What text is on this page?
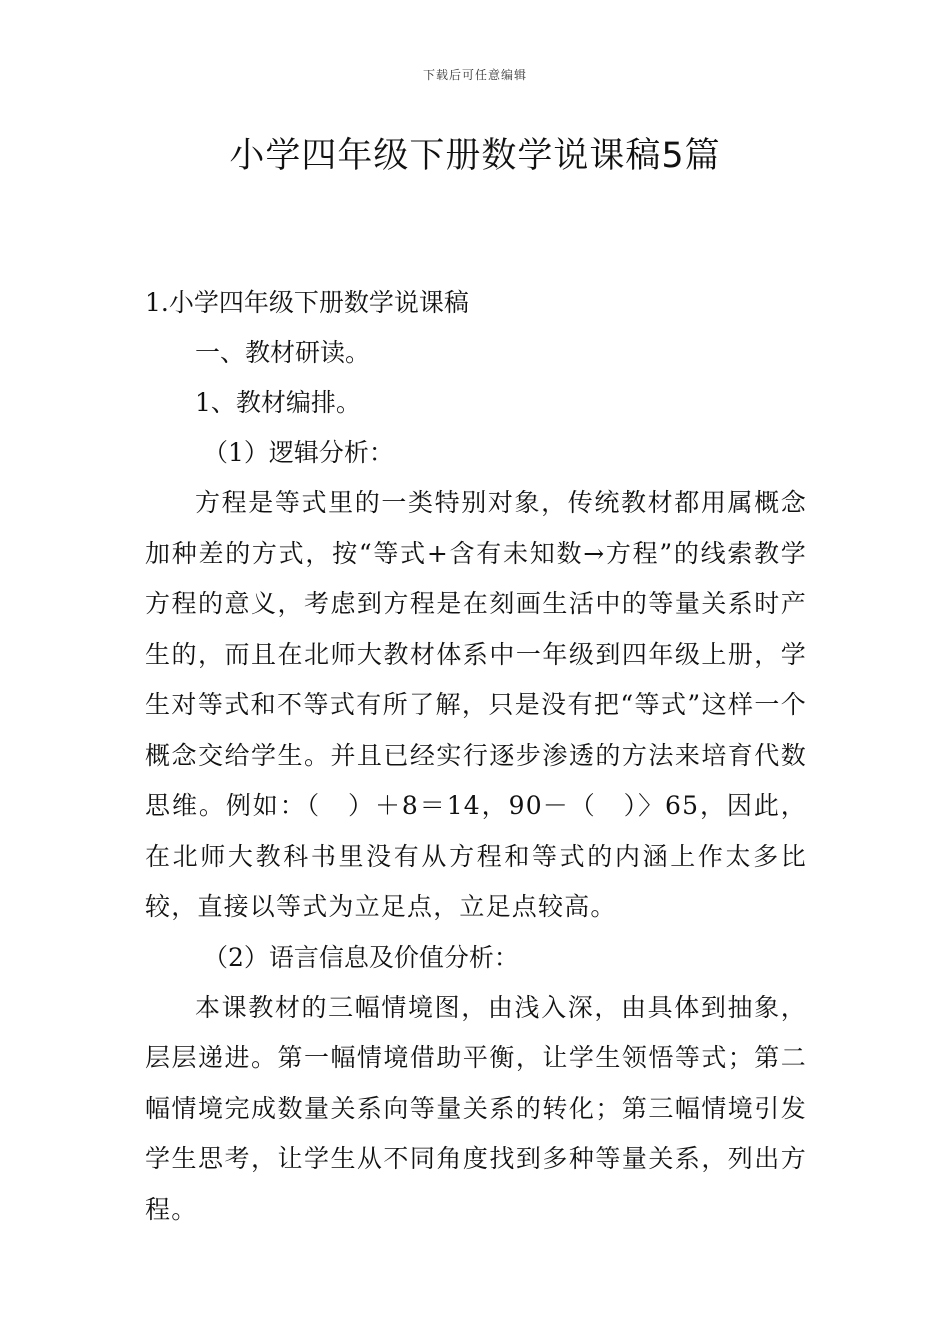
下载后可任意编辑
小学四年级下册数学说课稿5篇

1.小学四年级下册数学说课稿

一、教材研读。

1、教材编排。

（1）逻辑分析：

方程是等式里的一类特别对象，传统教材都用属概念加种差的方式，按“等式+含有未知数→方程”的线索教学方程的意义，考虑到方程是在刻画生活中的等量关系时产生的，而且在北师大教材体系中一年级到四年级上册，学生对等式和不等式有所了解，只是没有把“等式”这样一个概念交给学生。并且已经实行逐步渗透的方法来培育代数思维。例如：（　）＋8＝14，90－（　）〉65，因此，在北师大教科书里没有从方程和等式的内涵上作太多比较，直接以等式为立足点，立足点较高。

（2）语言信息及价值分析：

本课教材的三幅情境图，由浅入深，由具体到抽象，层层递进。第一幅情境借助平衡，让学生领悟等式；第二幅情境完成数量关系向等量关系的转化；第三幅情境引发学生思考，让学生从不同角度找到多种等量关系，列出方程。
